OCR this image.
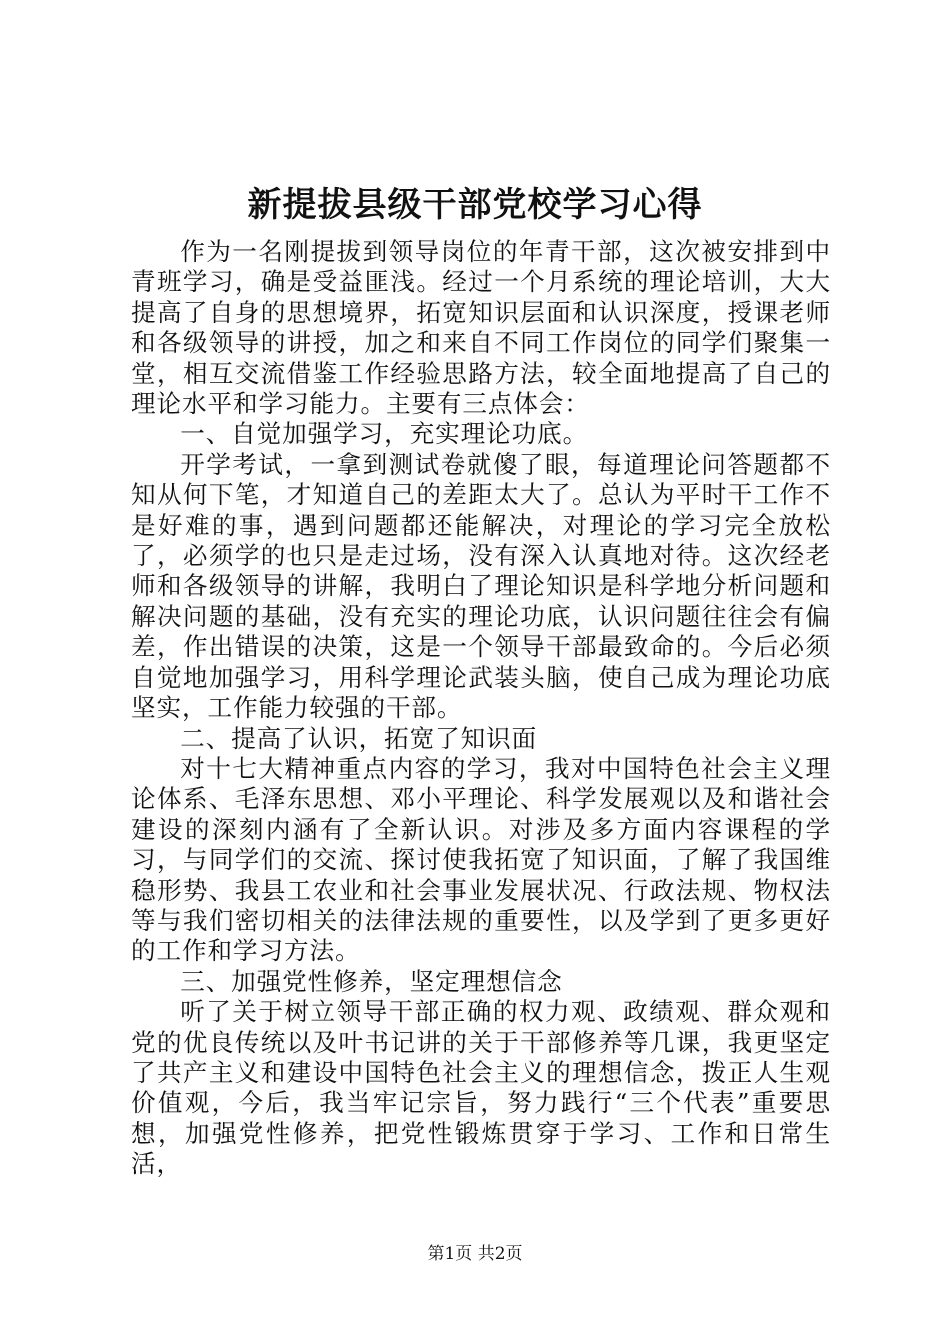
新提拔县级干部党校学习心得

作为一名刚提拔到领导岗位的年青干部，这次被安排到中青班学习，确是受益匪浅。经过一个月系统的理论培训，大大提高了自身的思想境界，拓宽知识层面和认识深度，授课老师和各级领导的讲授，加之和来自不同工作岗位的同学们聚集一堂，相互交流借鉴工作经验思路方法，较全面地提高了自己的理论水平和学习能力。主要有三点体会：

一、自觉加强学习，充实理论功底。

开学考试，一拿到测试卷就傻了眼，每道理论问答题都不知从何下笔，才知道自己的差距太大了。总认为平时干工作不是好难的事，遇到问题都还能解决，对理论的学习完全放松了，必须学的也只是走过场，没有深入认真地对待。这次经老师和各级领导的讲解，我明白了理论知识是科学地分析问题和解决问题的基础，没有充实的理论功底，认识问题往往会有偏差，作出错误的决策，这是一个领导干部最致命的。今后必须自觉地加强学习，用科学理论武装头脑，使自己成为理论功底坚实，工作能力较强的干部。

二、提高了认识，拓宽了知识面

对十七大精神重点内容的学习，我对中国特色社会主义理论体系、毛泽东思想、邓小平理论、科学发展观以及和谐社会建设的深刻内涵有了全新认识。对涉及多方面内容课程的学习，与同学们的交流、探讨使我拓宽了知识面，了解了我国维稳形势、我县工农业和社会事业发展状况、行政法规、物权法等与我们密切相关的法律法规的重要性，以及学到了更多更好的工作和学习方法。

三、加强党性修养，坚定理想信念

听了关于树立领导干部正确的权力观、政绩观、群众观和党的优良传统以及叶书记讲的关于干部修养等几课，我更坚定了共产主义和建设中国特色社会主义的理想信念，拨正人生观价值观，今后，我当牢记宗旨，努力践行“三个代表”重要思想，加强党性修养，把党性锻炼贯穿于学习、工作和日常生活，

第1页 共2页
